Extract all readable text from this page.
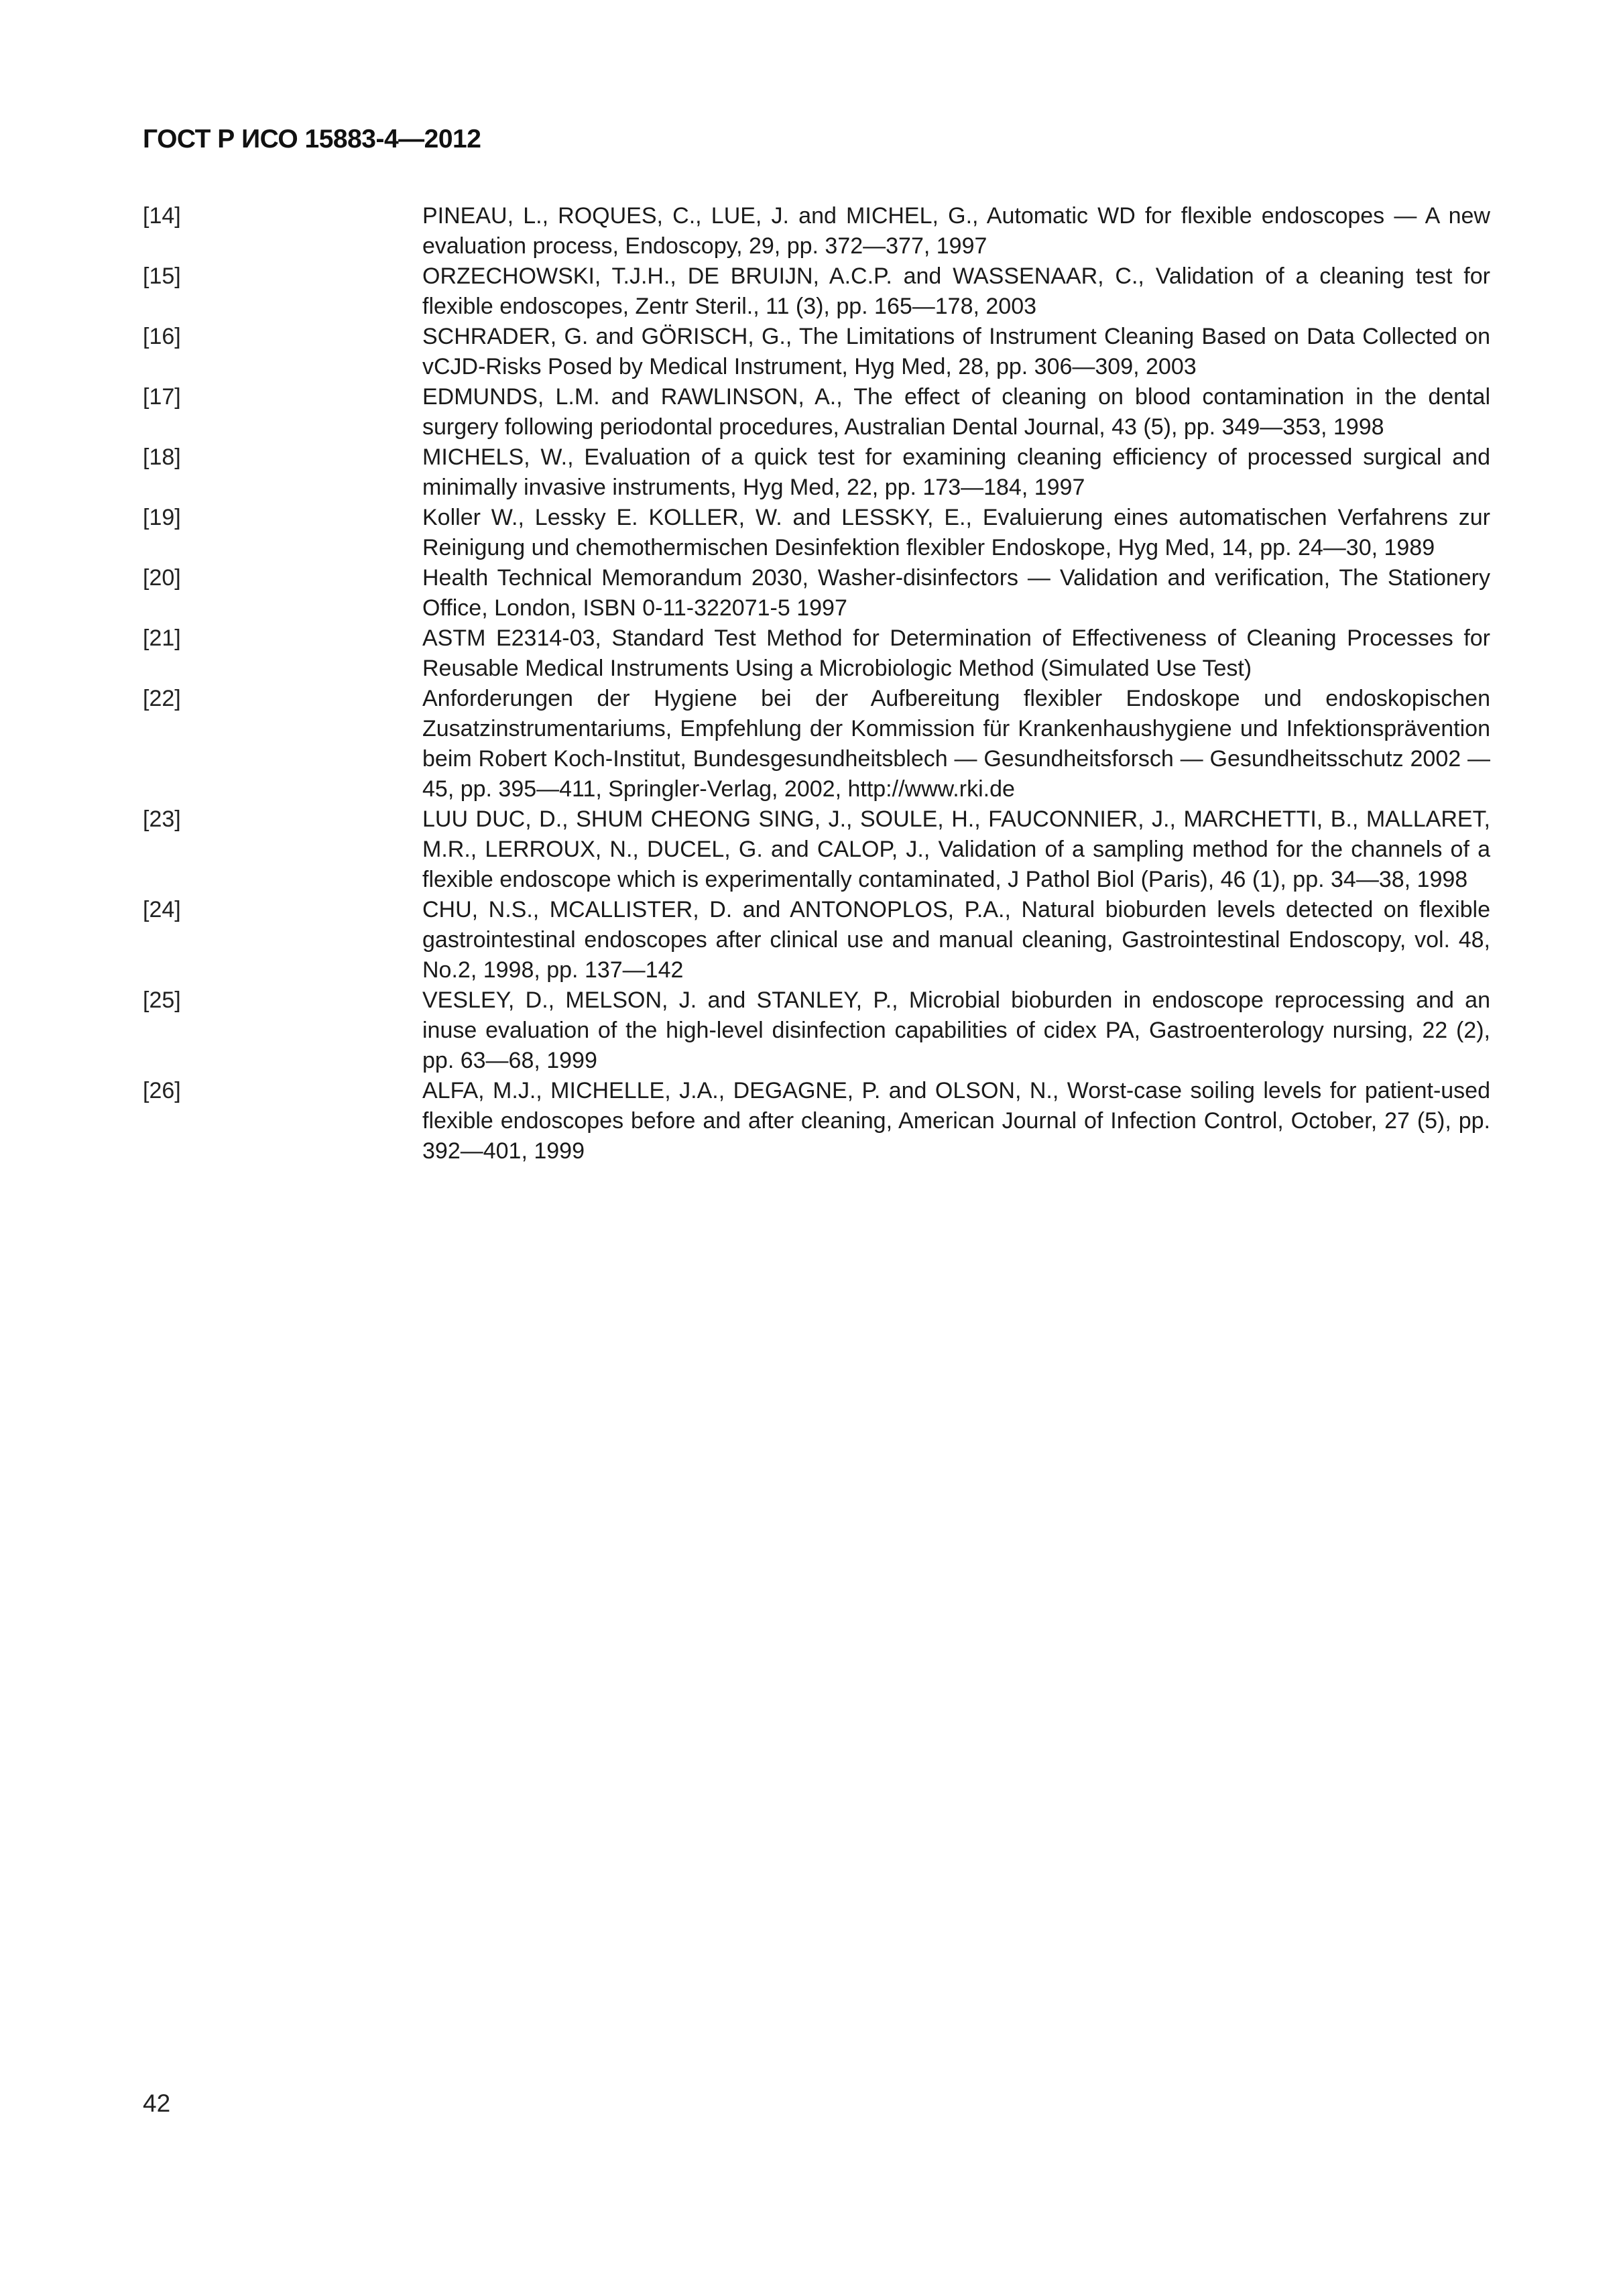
ГОСТ Р ИСО 15883-4—2012
[14]	PINEAU, L., ROQUES, C., LUE, J. and MICHEL, G., Automatic WD for flexible endoscopes — A new evaluation process, Endoscopy, 29, pp. 372—377, 1997
[15]	ORZECHOWSKI, T.J.H., DE BRUIJN, A.C.P. and WASSENAAR, C., Validation of a cleaning test for flexible endoscopes, Zentr Steril., 11 (3), pp. 165—178, 2003
[16]	SCHRADER, G. and GÖRISCH, G., The Limitations of Instrument Cleaning Based on Data Collected on vCJD-Risks Posed by Medical Instrument, Hyg Med, 28, pp. 306—309, 2003
[17]	EDMUNDS, L.M. and RAWLINSON, A., The effect of cleaning on blood contamination in the dental surgery following periodontal procedures, Australian Dental Journal, 43 (5), pp. 349—353, 1998
[18]	MICHELS, W., Evaluation of a quick test for examining cleaning efficiency of processed surgical and minimally invasive instruments, Hyg Med, 22, pp. 173—184, 1997
[19]	Koller W., Lessky E. KOLLER, W. and LESSKY, E., Evaluierung eines automatischen Verfahrens zur Reinigung und chemothermischen Desinfektion flexibler Endoskope, Hyg Med, 14, pp. 24—30, 1989
[20]	Health Technical Memorandum 2030, Washer-disinfectors — Validation and verification, The Stationery Office, London, ISBN 0-11-322071-5 1997
[21]	ASTM E2314-03, Standard Test Method for Determination of Effectiveness of Cleaning Processes for Reusable Medical Instruments Using a Microbiologic Method (Simulated Use Test)
[22]	Anforderungen der Hygiene bei der Aufbereitung flexibler Endoskope und endoskopischen Zusatzinstrumentariums, Empfehlung der Kommission für Krankenhaushygiene und Infektionsprävention beim Robert Koch-Institut, Bundesgesundheitsblech — Gesundheitsforsch — Gesundheitsschutz 2002 — 45, pp. 395—411, Springler-Verlag, 2002, http://www.rki.de
[23]	LUU DUC, D., SHUM CHEONG SING, J., SOULE, H., FAUCONNIER, J., MARCHETTI, B., MALLARET, M.R., LERROUX, N., DUCEL, G. and CALOP, J., Validation of a sampling method for the channels of a flexible endoscope which is experimentally contaminated, J Pathol Biol (Paris), 46 (1), pp. 34—38, 1998
[24]	CHU, N.S., MCALLISTER, D. and ANTONOPLOS, P.A., Natural bioburden levels detected on flexible gastrointestinal endoscopes after clinical use and manual cleaning, Gastrointestinal Endoscopy, vol. 48, No.2, 1998, pp. 137—142
[25]	VESLEY, D., MELSON, J. and STANLEY, P., Microbial bioburden in endoscope reprocessing and an inuse evaluation of the high-level disinfection capabilities of cidex PA, Gastroenterology nursing, 22 (2), pp. 63—68, 1999
[26]	ALFA, M.J., MICHELLE, J.A., DEGAGNE, P. and OLSON, N., Worst-case soiling levels for patient-used flexible endoscopes before and after cleaning, American Journal of Infection Control, October, 27 (5), pp. 392—401, 1999
42
